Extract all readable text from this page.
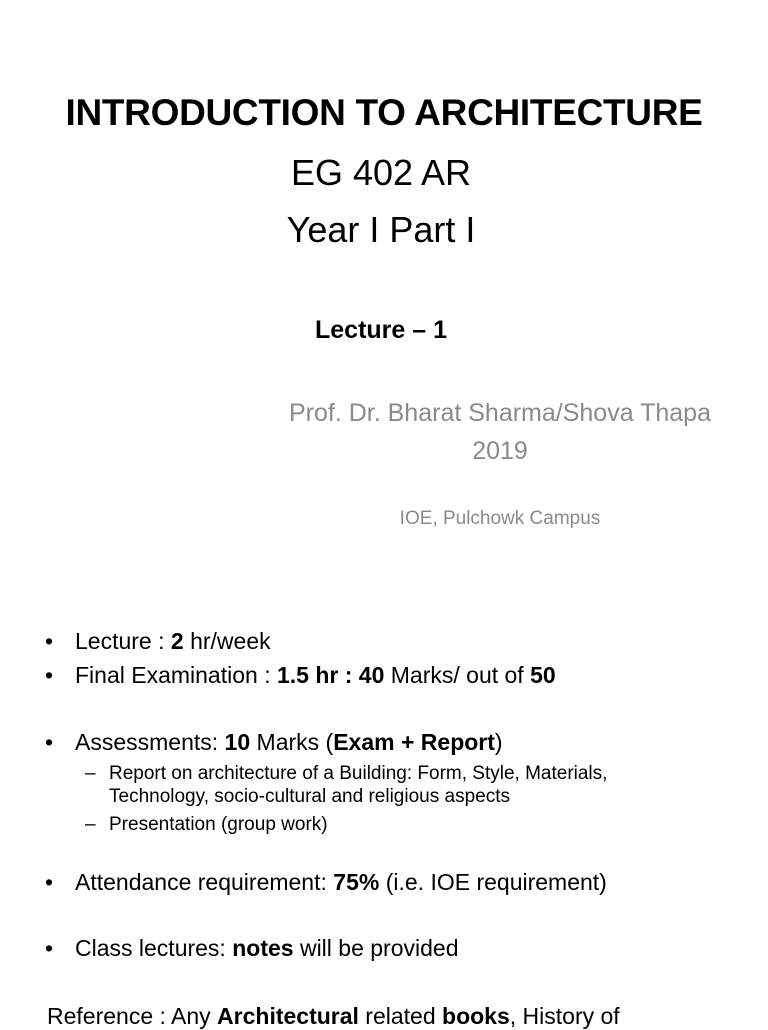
INTRODUCTION TO ARCHITECTURE
EG 402 AR
Year I Part I
Lecture – 1
Prof. Dr. Bharat Sharma/Shova Thapa
2019
IOE, Pulchowk Campus
• Lecture : 2 hr/week
• Final Examination : 1.5 hr : 40 Marks/ out of 50
• Assessments: 10 Marks (Exam + Report)
– Report on architecture of a Building: Form, Style, Materials,
Technology, socio-cultural and religious aspects
– Presentation (group work)
• Attendance requirement: 75% (i.e. IOE requirement)
• Class lectures: notes will be provided
Reference : Any Architectural related books, History of
